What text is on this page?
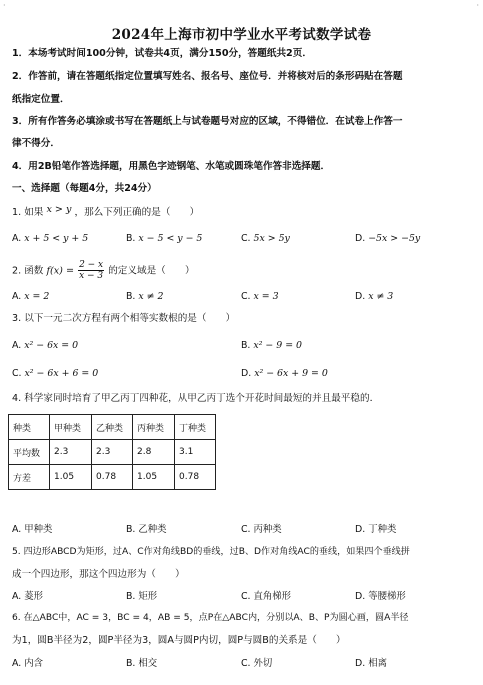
·	·
2024年上海市初中学业水平考试数学试卷
1．本场考试时间100分钟，试卷共4页，满分150分，答题纸共2页．
2．作答前，请在答题纸指定位置填写姓名、报名号、座位号．并将核对后的条形码贴在答题
纸指定位置．
3．所有作答务必填涂或书写在答题纸上与试卷题号对应的区域，不得错位．在试卷上作答一
律不得分．
4．用2B铅笔作答选择题，用黑色字迹钢笔、水笔或圆珠笔作答非选择题．
一、选择题（每题4分，共24分）
1. 如果 x > y ，那么下列正确的是（　　）
A. x + 5 < y + 5	B. x − 5 < y − 5	C. 5x > 5y	D. −5x > −5y
2. 函数 $f(x) = \frac{2 - x}{x - 3}$ 的定义域是（　　）
A. x = 2	B. x ≠ 2	C. x = 3	D. x ≠ 3
3. 以下一元二次方程有两个相等实数根的是（　　）
A. x² − 6x = 0	B. x² − 9 = 0
C. x² − 6x + 6 = 0	D. x² − 6x + 9 = 0
4. 科学家同时培育了甲乙丙丁四种花，从甲乙丙丁选个开花时间最短的并且最平稳的．
种类	甲种类	乙种类	丙种类	丁种类
平均数	2.3	2.3	2.8	3.1
方差	1.05	0.78	1.05	0.78
A. 甲种类	B. 乙种类	C. 丙种类	D. 丁种类
5. 四边形ABCD为矩形，过A、C作对角线BD的垂线，过B、D作对角线AC的垂线，如果四个垂线拼
成一个四边形，那这个四边形为（　　）
A. 菱形	B. 矩形	C. 直角梯形	D. 等腰梯形
6. 在△ABC中，AC = 3，BC = 4，AB = 5，点P在△ABC内，分别以A、B、P为圆心画，圆A半径
为1，圆B半径为2，圆P半径为3，圆A与圆P内切，圆P与圆B的关系是（　　）
A. 内含	B. 相交	C. 外切	D. 相离
